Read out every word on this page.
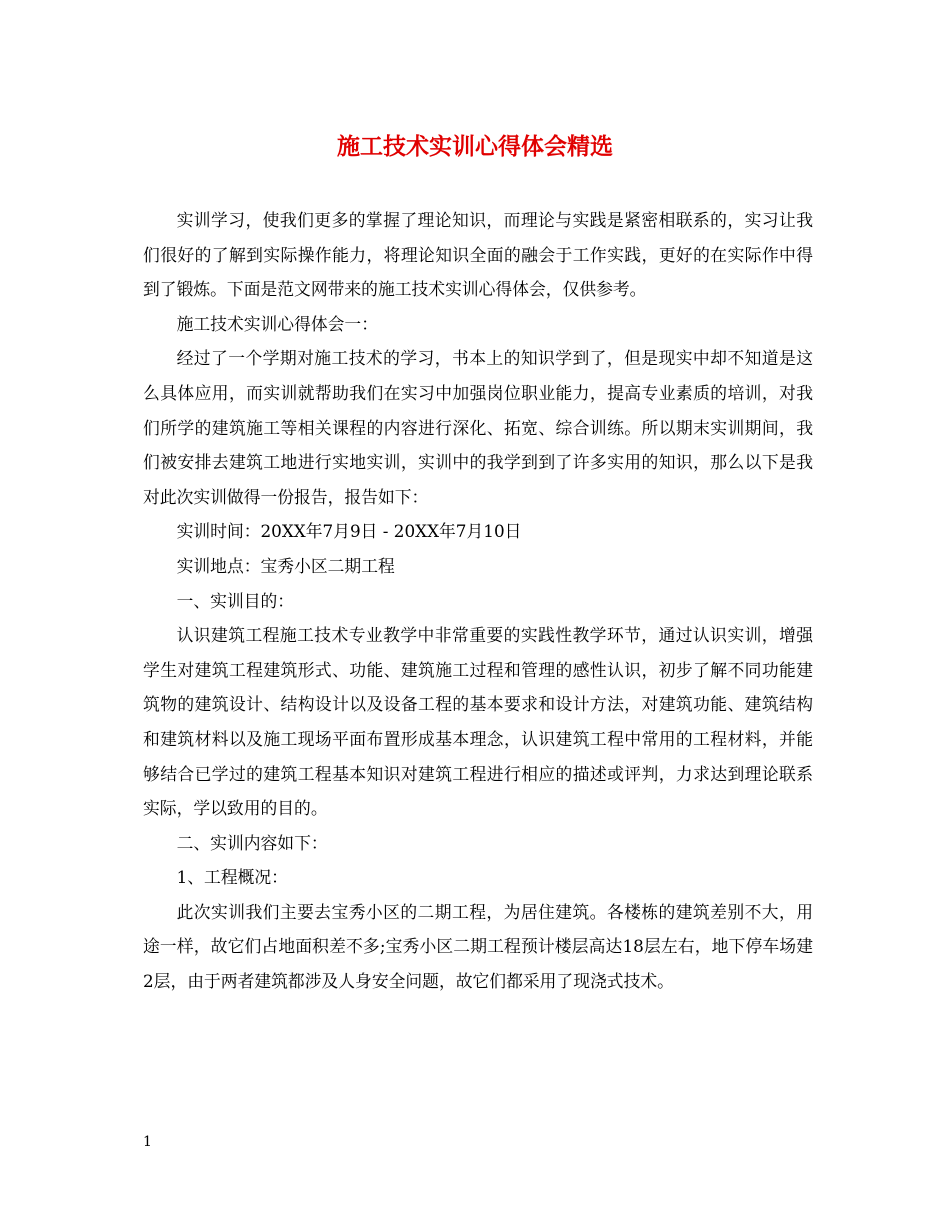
施工技术实训心得体会精选

实训学习，使我们更多的掌握了理论知识，而理论与实践是紧密相联系的，实习让我们很好的了解到实际操作能力，将理论知识全面的融会于工作实践，更好的在实际作中得到了锻炼。下面是范文网带来的施工技术实训心得体会，仅供参考。

施工技术实训心得体会一：

经过了一个学期对施工技术的学习，书本上的知识学到了，但是现实中却不知道是这么具体应用，而实训就帮助我们在实习中加强岗位职业能力，提高专业素质的培训，对我们所学的建筑施工等相关课程的内容进行深化、拓宽、综合训练。所以期末实训期间，我们被安排去建筑工地进行实地实训，实训中的我学到到了许多实用的知识，那么以下是我对此次实训做得一份报告，报告如下：

实训时间：20XX年7月9日 - 20XX年7月10日

实训地点：宝秀小区二期工程

一、实训目的：

认识建筑工程施工技术专业教学中非常重要的实践性教学环节，通过认识实训，增强学生对建筑工程建筑形式、功能、建筑施工过程和管理的感性认识，初步了解不同功能建筑物的建筑设计、结构设计以及设备工程的基本要求和设计方法，对建筑功能、建筑结构和建筑材料以及施工现场平面布置形成基本理念，认识建筑工程中常用的工程材料，并能够结合已学过的建筑工程基本知识对建筑工程进行相应的描述或评判，力求达到理论联系实际，学以致用的目的。

二、实训内容如下：

1、工程概况：

此次实训我们主要去宝秀小区的二期工程，为居住建筑。各楼栋的建筑差别不大，用途一样，故它们占地面积差不多;宝秀小区二期工程预计楼层高达18层左右，地下停车场建2层，由于两者建筑都涉及人身安全问题，故它们都采用了现浇式技术。

1
